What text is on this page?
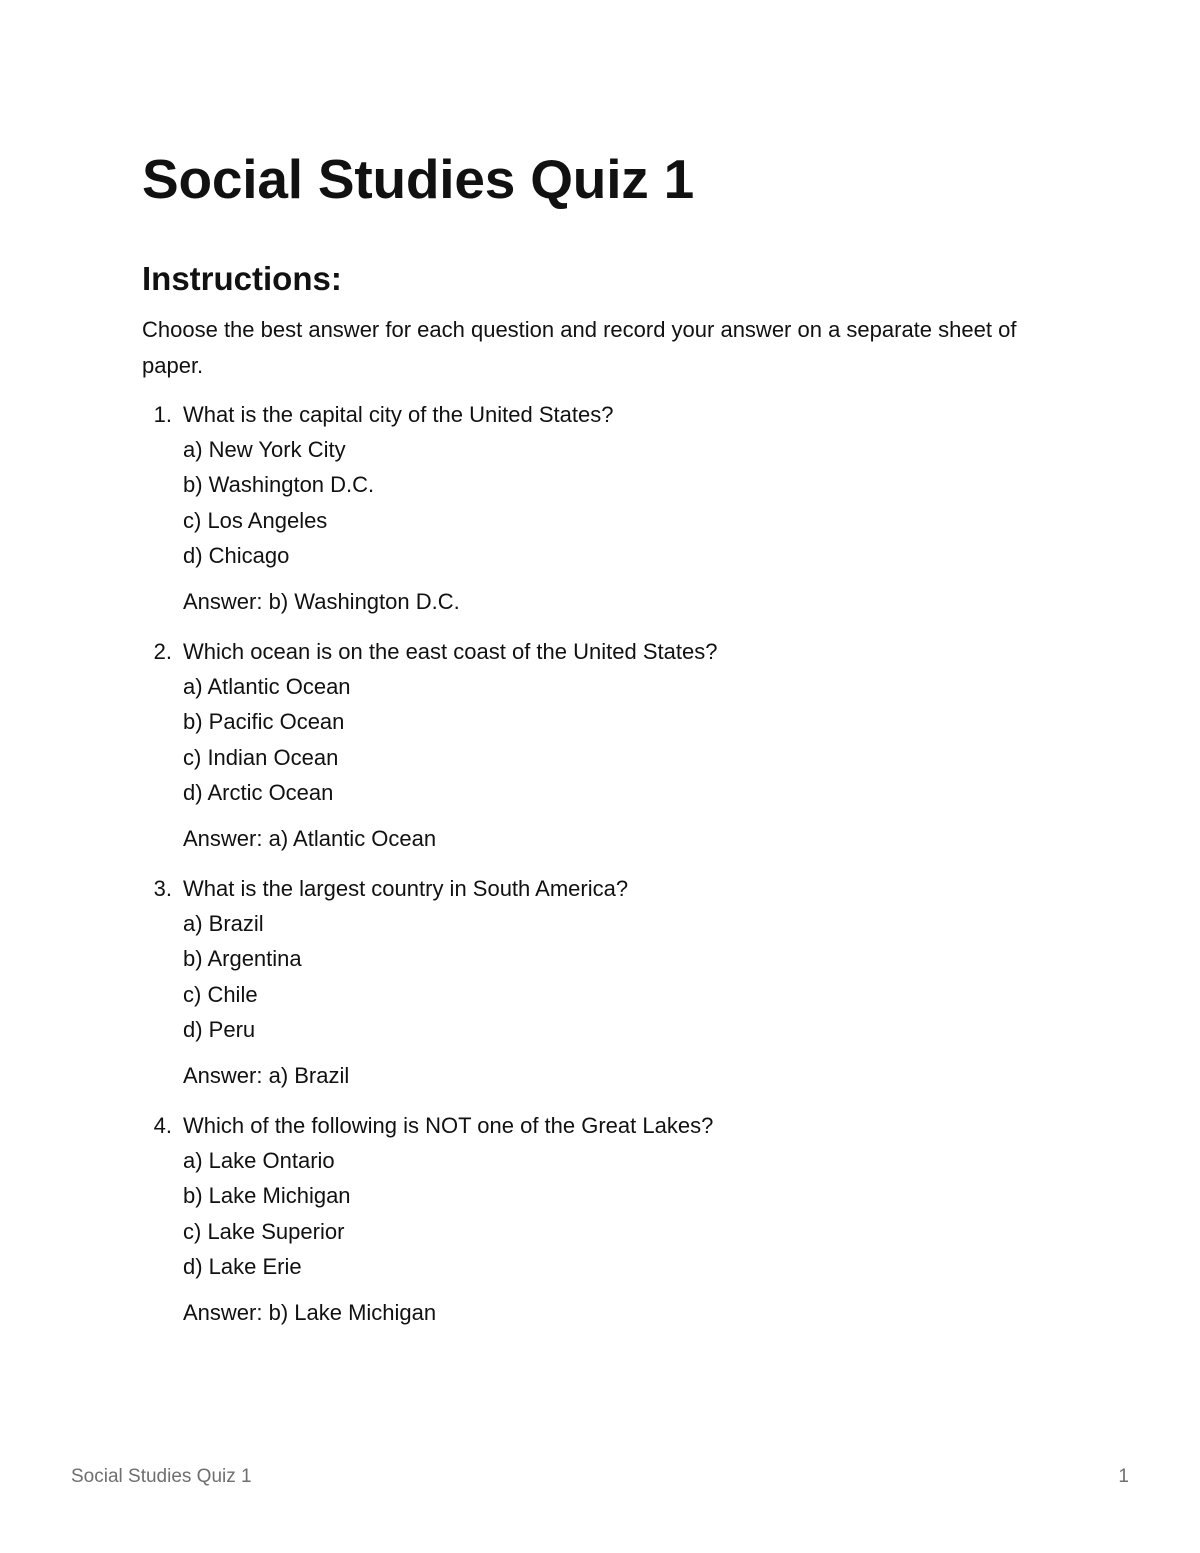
Social Studies Quiz 1
Instructions:

Choose the best answer for each question and record your answer on a separate sheet of paper.

1. What is the capital city of the United States?
a) New York City
b) Washington D.C.
c) Los Angeles
d) Chicago
Answer: b) Washington D.C.
2. Which ocean is on the east coast of the United States?
a) Atlantic Ocean
b) Pacific Ocean
c) Indian Ocean
d) Arctic Ocean
Answer: a) Atlantic Ocean
3. What is the largest country in South America?
a) Brazil
b) Argentina
c) Chile
d) Peru
Answer: a) Brazil
4. Which of the following is NOT one of the Great Lakes?
a) Lake Ontario
b) Lake Michigan
c) Lake Superior
d) Lake Erie
Answer: b) Lake Michigan
Social Studies Quiz 1	1
